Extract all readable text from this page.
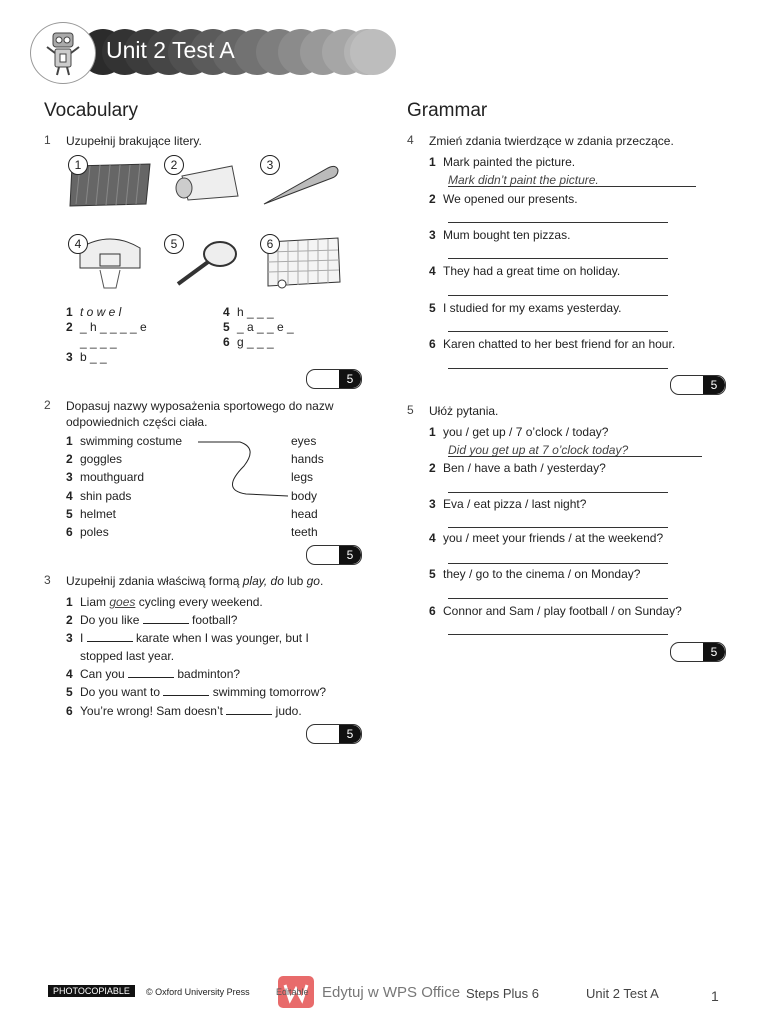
Unit 2 Test A
Vocabulary
1 Uzupełnij brakujące litery.
1	2	3
4	5	6
1 t o w e l
2 _ h _ _ _ _ e
_ _ _ _
3 b _ _
4 h _ _ _
5 _ a _ _ e _
6 g _ _ _
5
2 Dopasuj nazwy wyposażenia sportowego do nazw odpowiednich części ciała.
1 swimming costume
2 goggles
3 mouthguard
4 shin pads
5 helmet
6 poles
eyes
hands
legs
body
head
teeth
5
3 Uzupełnij zdania właściwą formą play, do lub go.
1 Liam goes cycling every weekend.
2 Do you like	football?
3 I	karate when I was younger, but I
stopped last year.
4 Can you	badminton?
5 Do you want to	swimming tomorrow?
6 You’re wrong! Sam doesn’t	judo.
5
Grammar
4 Zmień zdania twierdzące w zdania przeczące.
1 Mark painted the picture.
Mark didn’t paint the picture.
2 We opened our presents.
3 Mum bought ten pizzas.
4 They had a great time on holiday.
5 I studied for my exams yesterday.
6 Karen chatted to her best friend for an hour.
5
5 Ułóż pytania.
1 you / get up / 7 o’clock / today?
Did you get up at 7 o’clock today?
2 Ben / have a bath / yesterday?
3 Eva / eat pizza / last night?
4 you / meet your friends / at the weekend?
5 they / go to the cinema / on Monday?
6 Connor and Sam / play football / on Sunday?
5
PHOTOCOPIABLE	© Oxford University Press	Editable Edytuj w WPS Office Steps Plus 6	Unit 2 Test A	1
